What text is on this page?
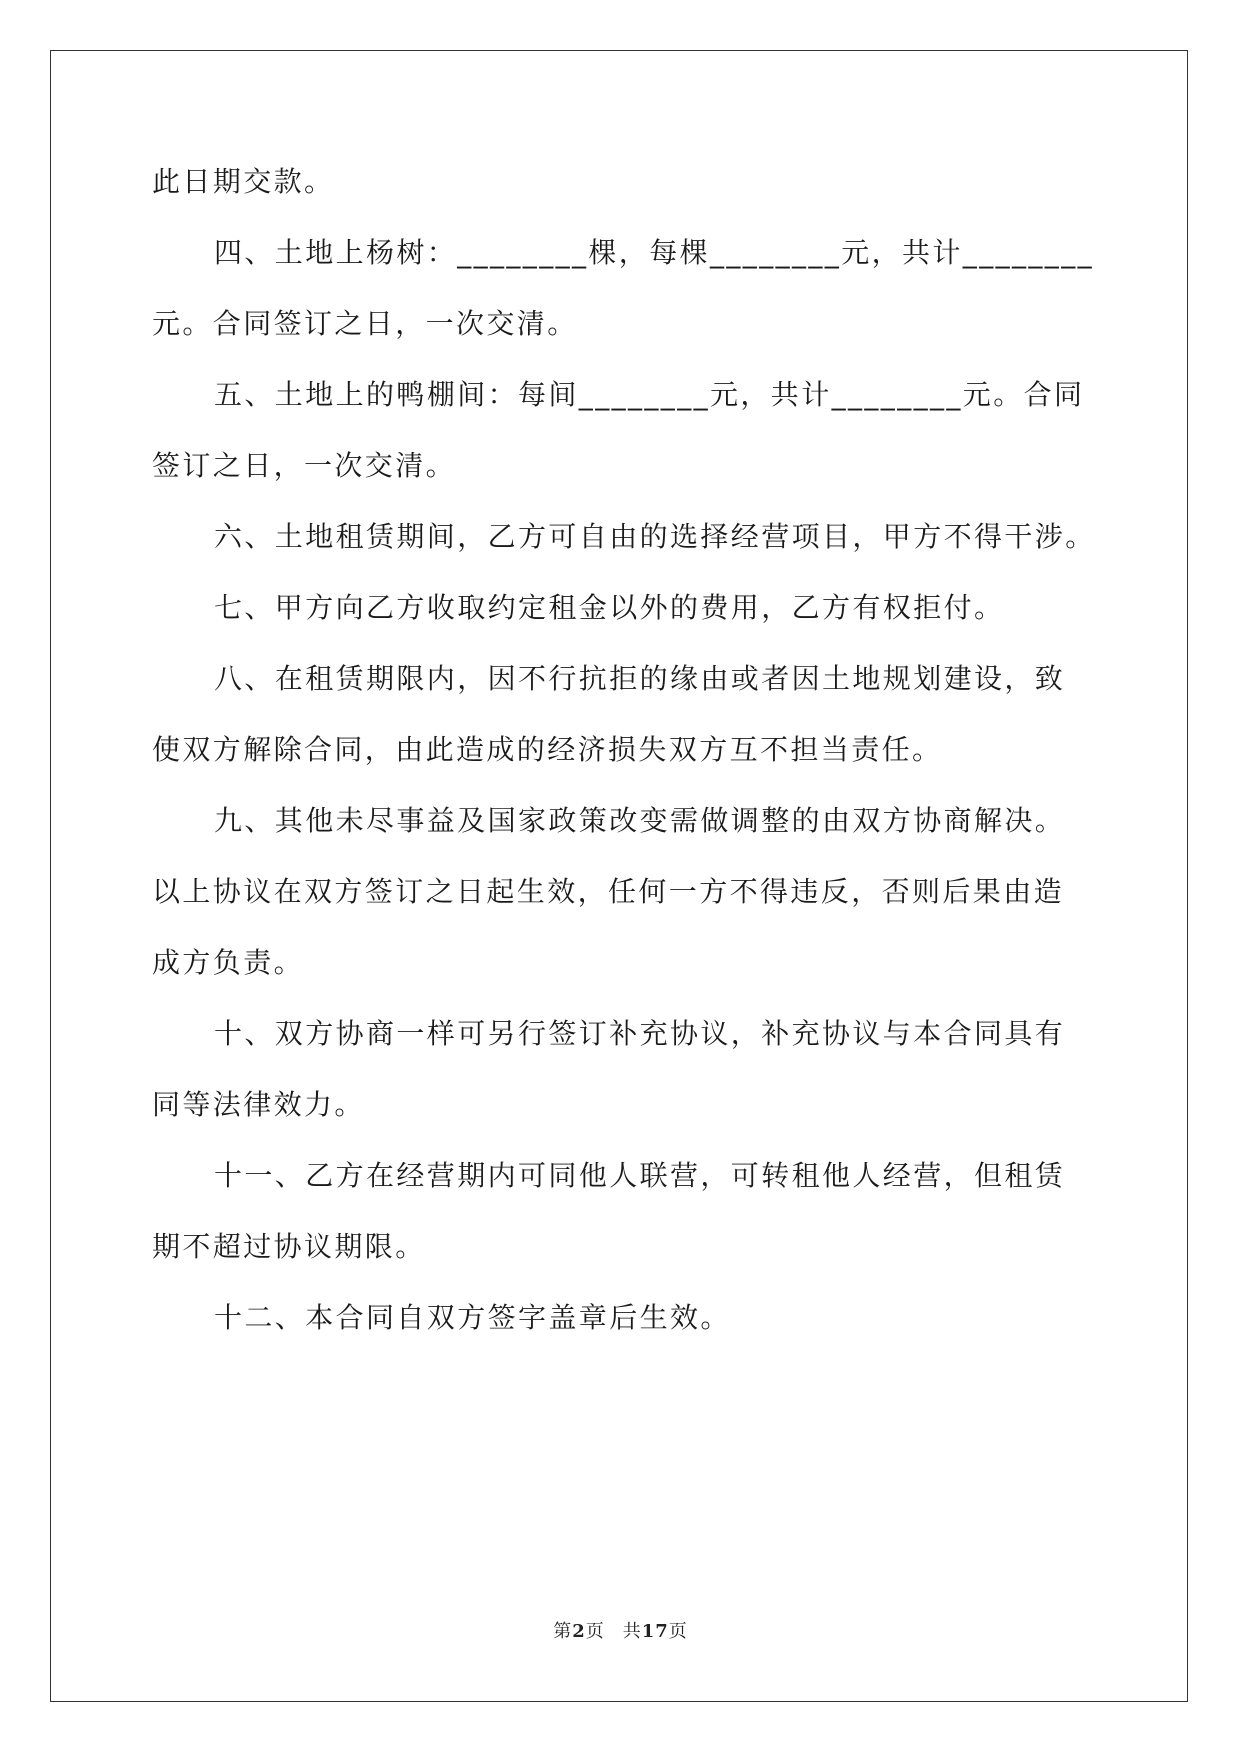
此日期交款。
四、土地上杨树：________棵，每棵________元，共计________
元。合同签订之日，一次交清。
五、土地上的鸭棚间：每间________元，共计________元。合同
签订之日，一次交清。
六、土地租赁期间，乙方可自由的选择经营项目，甲方不得干涉。
七、甲方向乙方收取约定租金以外的费用，乙方有权拒付。
八、在租赁期限内，因不行抗拒的缘由或者因土地规划建设，致
使双方解除合同，由此造成的经济损失双方互不担当责任。
九、其他未尽事益及国家政策改变需做调整的由双方协商解决。
以上协议在双方签订之日起生效，任何一方不得违反，否则后果由造
成方负责。
十、双方协商一样可另行签订补充协议，补充协议与本合同具有
同等法律效力。
十一、乙方在经营期内可同他人联营，可转租他人经营，但租赁
期不超过协议期限。
十二、本合同自双方签字盖章后生效。
第2页 共17页
